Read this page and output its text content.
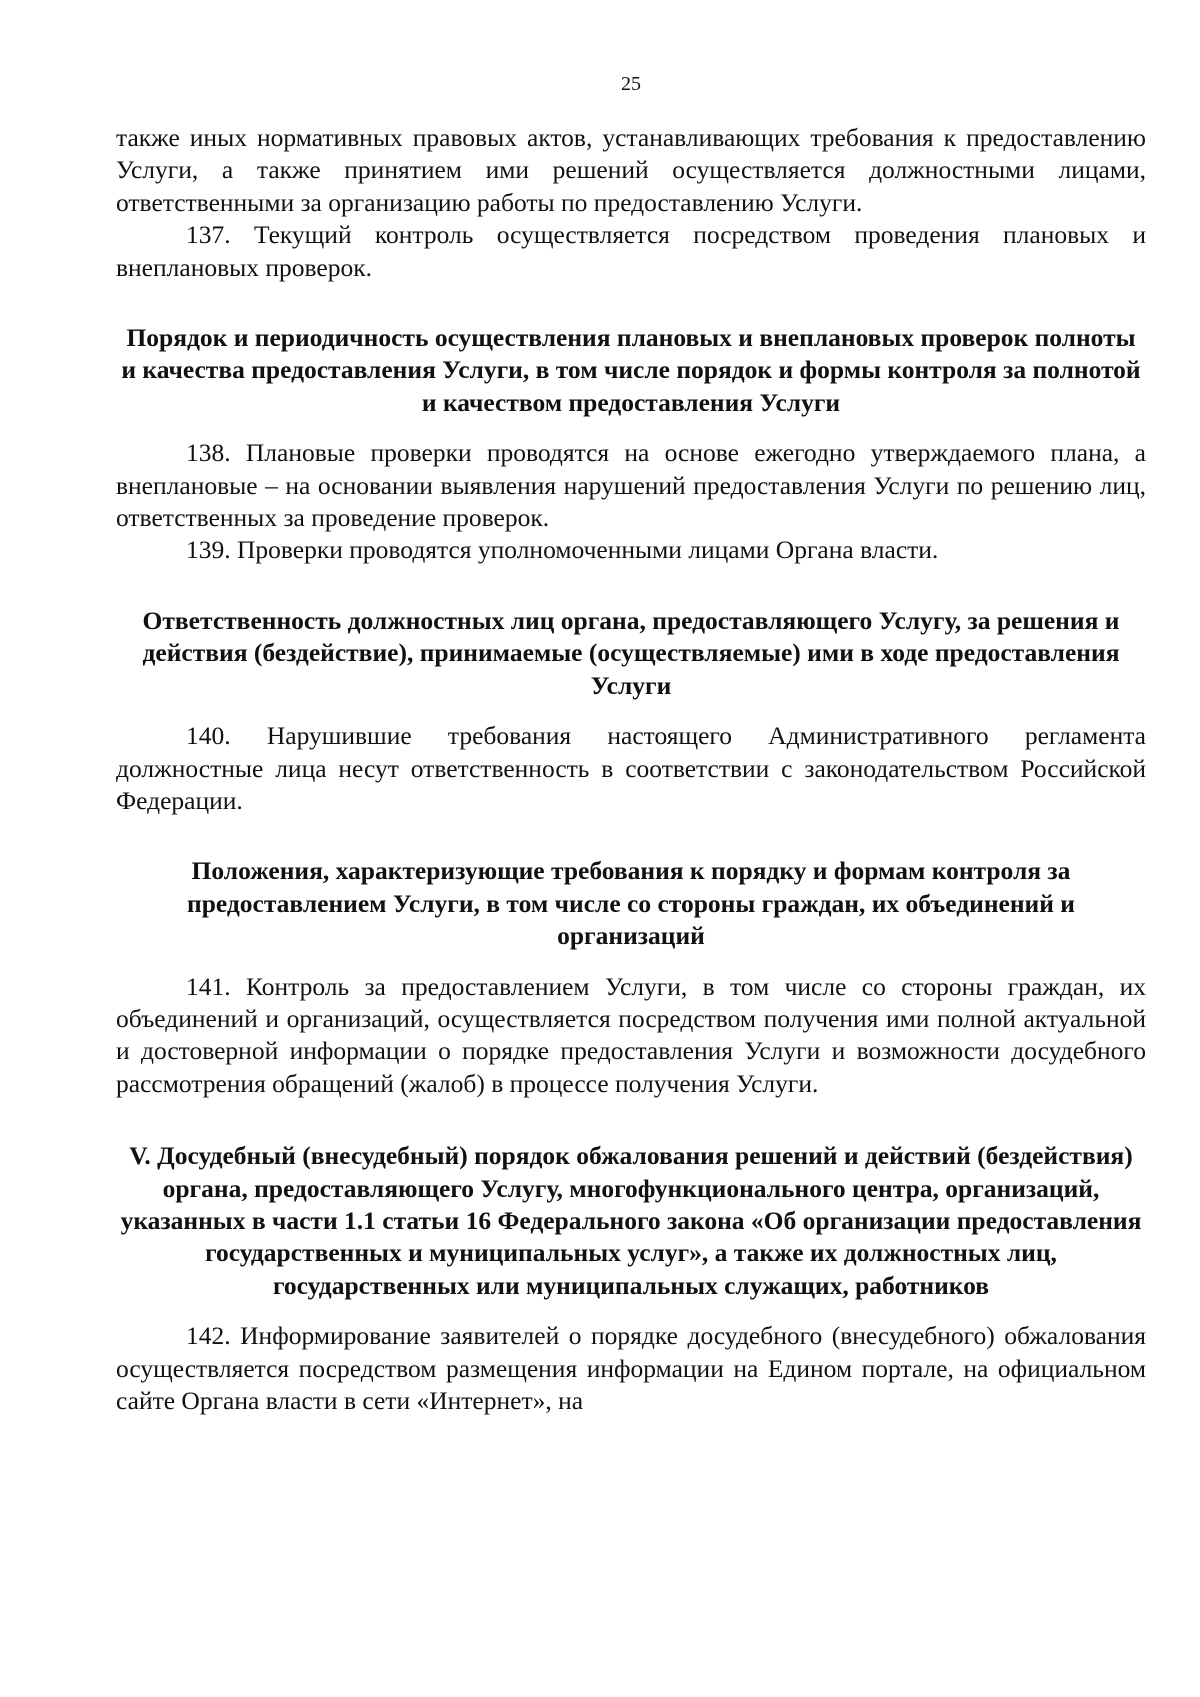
25

также иных нормативных правовых актов, устанавливающих требования к предоставлению Услуги, а также принятием ими решений осуществляется должностными лицами, ответственными за организацию работы по предоставлению Услуги.

137. Текущий контроль осуществляется посредством проведения плановых и внеплановых проверок.

Порядок и периодичность осуществления плановых и внеплановых проверок полноты и качества предоставления Услуги, в том числе порядок и формы контроля за полнотой и качеством предоставления Услуги

138. Плановые проверки проводятся на основе ежегодно утверждаемого плана, а внеплановые – на основании выявления нарушений предоставления Услуги по решению лиц, ответственных за проведение проверок.

139. Проверки проводятся уполномоченными лицами Органа власти.

Ответственность должностных лиц органа, предоставляющего Услугу, за решения и действия (бездействие), принимаемые (осуществляемые) ими в ходе предоставления Услуги

140. Нарушившие требования настоящего Административного регламента должностные лица несут ответственность в соответствии с законодательством Российской Федерации.

Положения, характеризующие требования к порядку и формам контроля за предоставлением Услуги, в том числе со стороны граждан, их объединений и организаций

141. Контроль за предоставлением Услуги, в том числе со стороны граждан, их объединений и организаций, осуществляется посредством получения ими полной актуальной и достоверной информации о порядке предоставления Услуги и возможности досудебного рассмотрения обращений (жалоб) в процессе получения Услуги.

V. Досудебный (внесудебный) порядок обжалования решений и действий (бездействия) органа, предоставляющего Услугу, многофункционального центра, организаций, указанных в части 1.1 статьи 16 Федерального закона «Об организации предоставления государственных и муниципальных услуг», а также их должностных лиц, государственных или муниципальных служащих, работников

142. Информирование заявителей о порядке досудебного (внесудебного) обжалования осуществляется посредством размещения информации на Едином портале, на официальном сайте Органа власти в сети «Интернет», на
